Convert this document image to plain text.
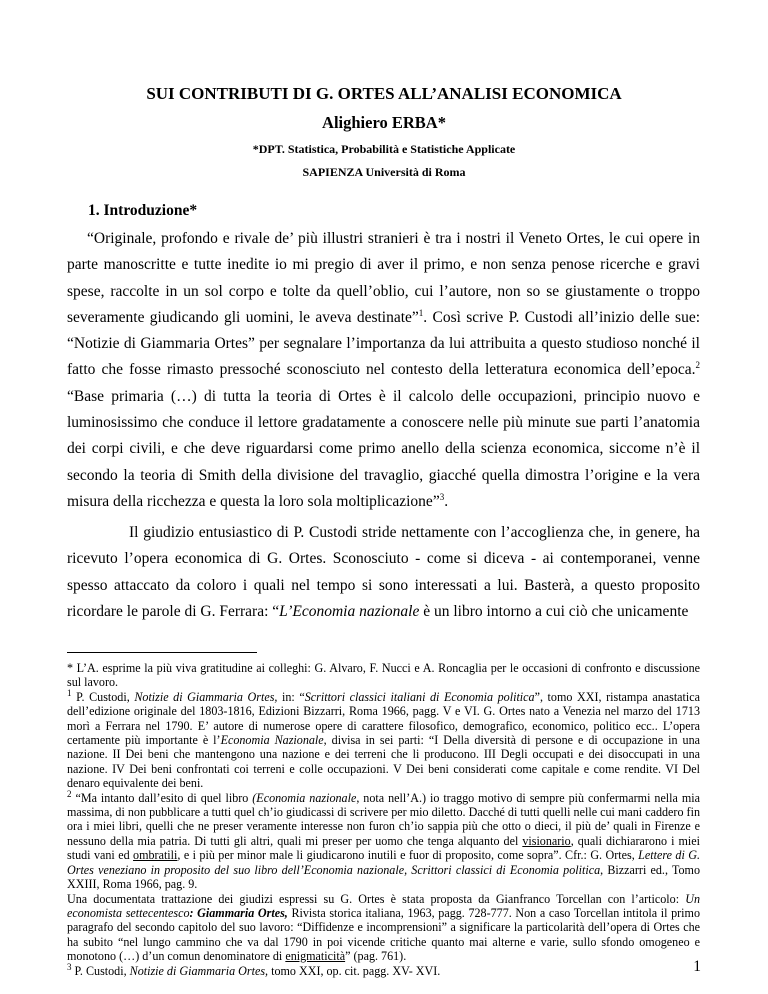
SUI CONTRIBUTI DI G. ORTES ALL’ANALISI ECONOMICA
Alighiero ERBA*
*DPT. Statistica, Probabilità e Statistiche Applicate
SAPIENZA Università di Roma
1. Introduzione*
“Originale, profondo e rivale de’ più illustri stranieri è tra i nostri il Veneto Ortes, le cui opere in parte manoscritte e tutte inedite io mi pregio di aver il primo, e non senza penose ricerche e gravi spese, raccolte in un sol corpo e tolte da quell’oblio, cui l’autore, non so se giustamente o troppo severamente giudicando gli uomini, le aveva destinate”$^1$. Così scrive P. Custodi all’inizio delle sue: “Notizie di Giammaria Ortes” per segnalare l’importanza da lui attribuita a questo studioso nonché il fatto che fosse rimasto pressoché sconosciuto nel contesto della letteratura economica dell’epoca.$^2$ “Base primaria (…) di tutta la teoria di Ortes è il calcolo delle occupazioni, principio nuovo e luminosissimo che conduce il lettore gradatamente a conoscere nelle più minute sue parti l’anatomia dei corpi civili, e che deve riguardarsi come primo anello della scienza economica, siccome n’è il secondo la teoria di Smith della divisione del travaglio, giacché quella dimostra l’origine e la vera misura della ricchezza e questa la loro sola moltiplicazione”$^3$.
Il giudizio entusiastico di P. Custodi stride nettamente con l’accoglienza che, in genere, ha ricevuto l’opera economica di G. Ortes. Sconosciuto - come si diceva - ai contemporanei, venne spesso attaccato da coloro i quali nel tempo si sono interessati a lui. Basterà, a questo proposito ricordare le parole di G. Ferrara: “L’Economia nazionale è un libro intorno a cui ciò che unicamente

* L’A. esprime la più viva gratitudine ai colleghi: G. Alvaro, F. Nucci e A. Roncaglia per le occasioni di confronto e discussione sul lavoro.

$^1$ P. Custodi, Notizie di Giammaria Ortes, in: “Scrittori classici italiani di Economia politica”, tomo XXI, ristampa anastatica dell’edizione originale del 1803-1816, Edizioni Bizzarri, Roma 1966, pagg. V e VI. G. Ortes nato a Venezia nel marzo del 1713 morì a Ferrara nel 1790. E’ autore di numerose opere di carattere filosofico, demografico, economico, politico ecc.. L’opera certamente più importante è l’Economia Nazionale, divisa in sei parti: “I Della diversità di persone e di occupazione in una nazione. II Dei beni che mantengono una nazione e dei terreni che li producono. III Degli occupati e dei disoccupati in una nazione. IV Dei beni confrontati coi terreni e colle occupazioni. V Dei beni considerati come capitale e come rendite. VI Del denaro equivalente dei beni.

$^2$ “Ma intanto dall’esito di quel libro (Economia nazionale, nota nell’A.) io traggo motivo di sempre più confermarmi nella mia massima, di non pubblicare a tutti quel ch’io giudicassi di scrivere per mio diletto. Dacché di tutti quelli nelle cui mani caddero fin ora i miei libri, quelli che ne preser veramente interesse non furon ch’io sappia più che otto o dieci, il più de’ quali in Firenze e nessuno della mia patria. Di tutti gli altri, quali mi preser per uomo che tenga alquanto del visionario, quali dichiararono i miei studi vani ed ombratili, e i più per minor male li giudicarono inutili e fuor di proposito, come sopra”. Cfr.: G. Ortes, Lettere di G. Ortes veneziano in proposito del suo libro dell’Economia nazionale, Scrittori classici di Economia politica, Bizzarri ed., Tomo XXIII, Roma 1966, pag. 9.

Una documentata trattazione dei giudizi espressi su G. Ortes è stata proposta da Gianfranco Torcellan con l’articolo: Un economista settecentesco: Giammaria Ortes, Rivista storica italiana, 1963, pagg. 728-777. Non a caso Torcellan intitola il primo paragrafo del secondo capitolo del suo lavoro: “Diffidenze e incomprensioni” a significare la particolarità dell’opera di Ortes che ha subito “nel lungo cammino che va dal 1790 in poi vicende critiche quanto mai alterne e varie, sullo sfondo omogeneo e monotono (…) d’un comun denominatore di enigmaticità” (pag. 761).

$^3$ P. Custodi, Notizie di Giammaria Ortes, tomo XXI, op. cit. pagg. XV- XVI.	1
